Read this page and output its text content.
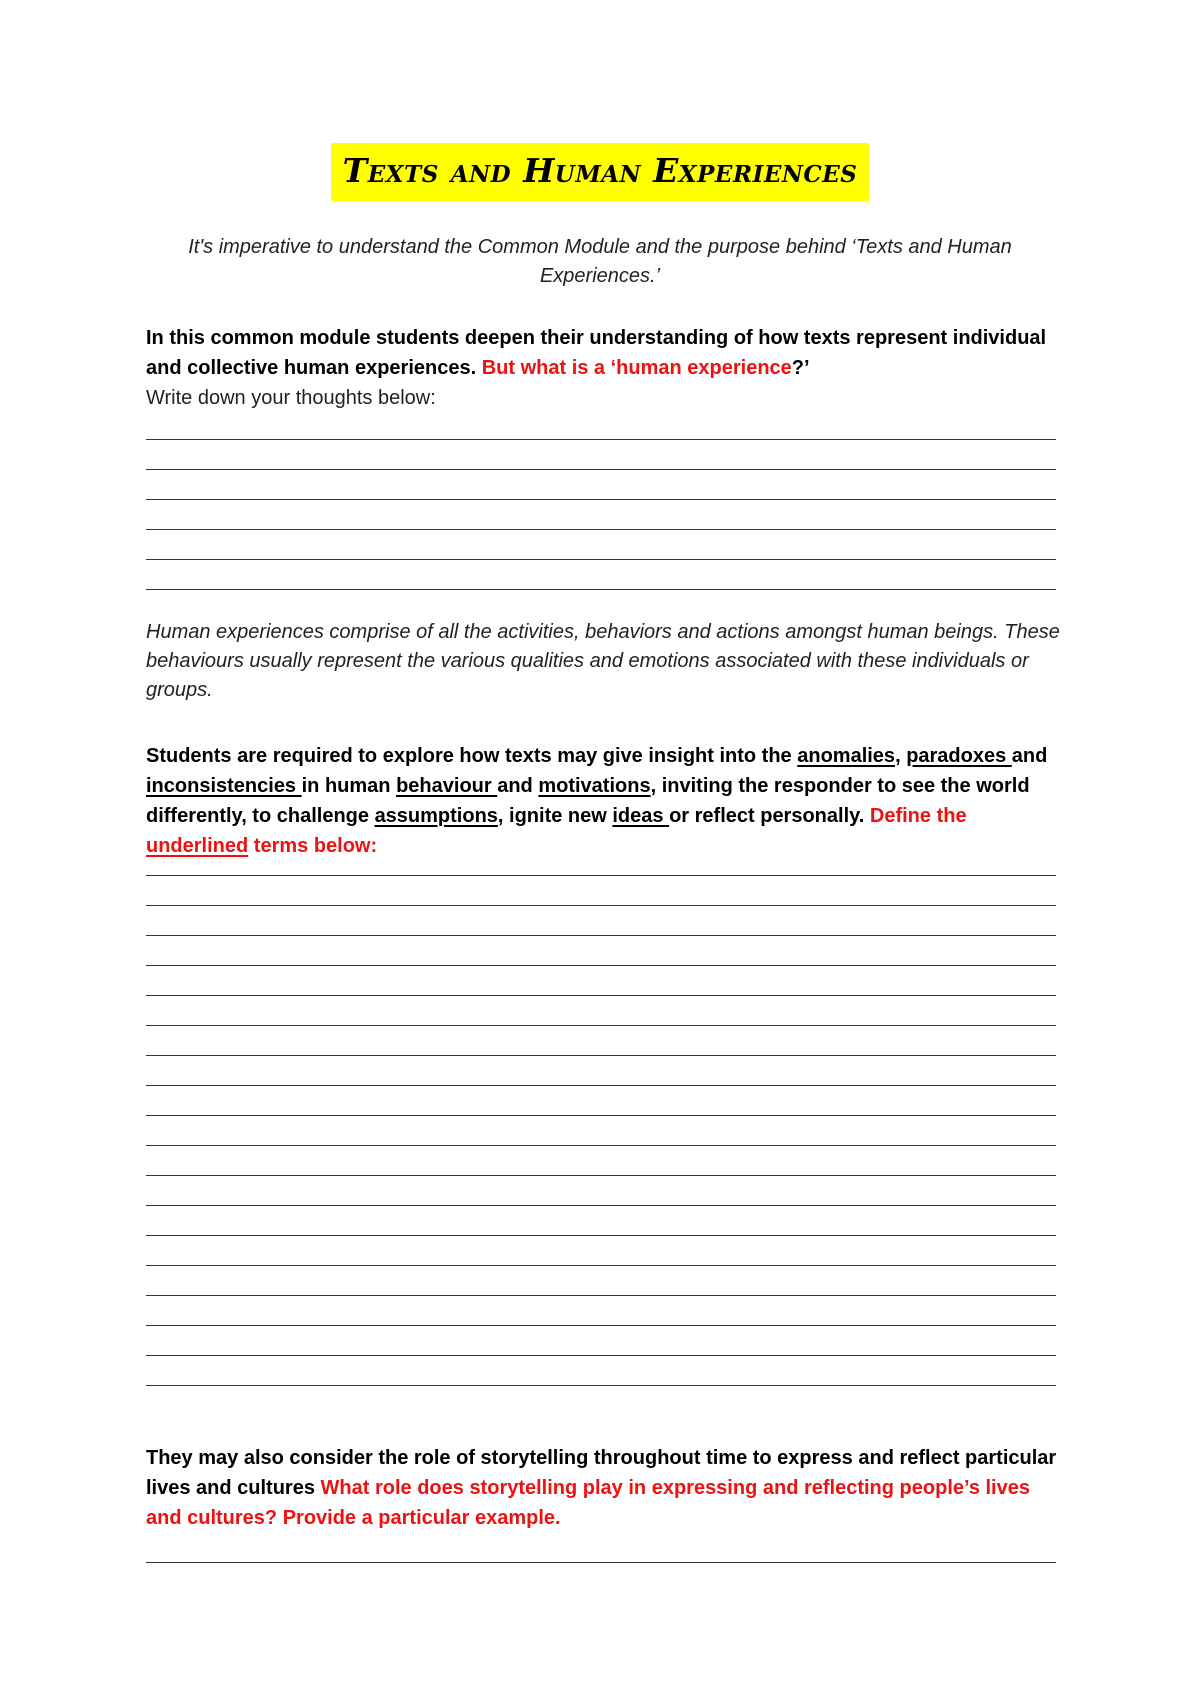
Texts and Human Experiences
It's imperative to understand the Common Module and the purpose behind ‘Texts and Human Experiences.’
In this common module students deepen their understanding of how texts represent individual and collective human experiences. But what is a ‘human experience?’
Write down your thoughts below:
Human experiences comprise of all the activities, behaviors and actions amongst human beings. These behaviours usually represent the various qualities and emotions associated with these individuals or groups.
Students are required to explore how texts may give insight into the anomalies, paradoxes and inconsistencies in human behaviour and motivations, inviting the responder to see the world differently, to challenge assumptions, ignite new ideas or reflect personally. Define the underlined terms below:
They may also consider the role of storytelling throughout time to express and reflect particular lives and cultures What role does storytelling play in expressing and reflecting people’s lives and cultures? Provide a particular example.
